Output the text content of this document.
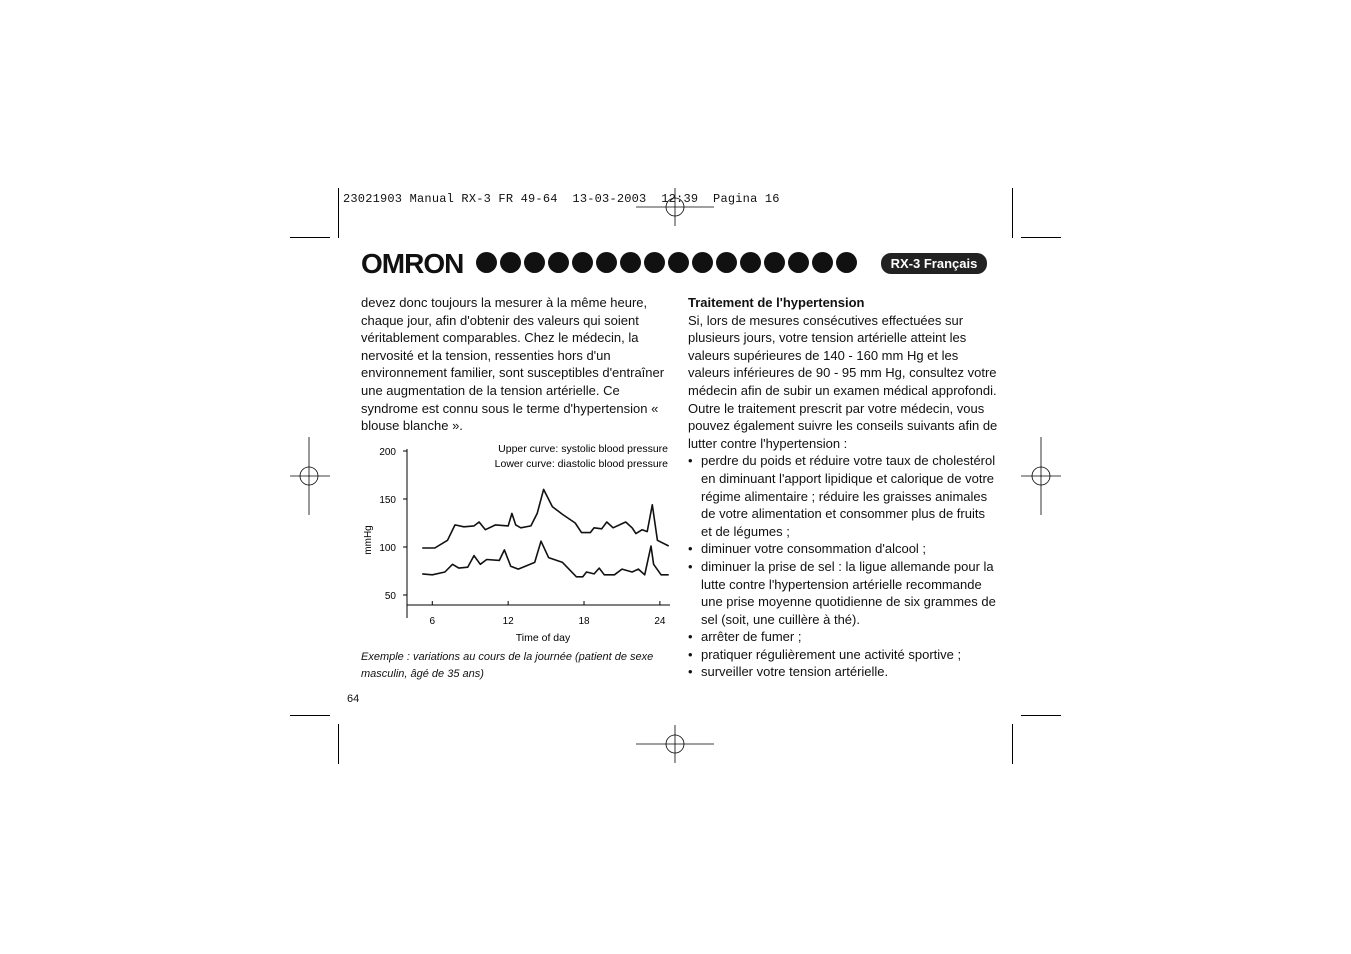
23021903 Manual RX-3 FR 49-64  13-03-2003  12:39  Pagina 16
OMRON	RX-3 Français
devez donc toujours la mesurer à la même heure, chaque jour, afin d'obtenir des valeurs qui soient véritablement comparables. Chez le médecin, la nervosité et la tension, ressenties hors d'un environnement familier, sont susceptibles d'entraîner une augmentation de la tension artérielle. Ce syndrome est connu sous le terme d'hypertension « blouse blanche ».
Upper curve: systolic blood pressure
Lower curve: diastolic blood pressure
mmHg
Time of day
200
150
100
50
6	12	18	24
Exemple : variations au cours de la journée (patient de sexe masculin, âgé de 35 ans)
64
Traitement de l'hypertension
Si, lors de mesures consécutives effectuées sur plusieurs jours, votre tension artérielle atteint les valeurs supérieures de 140 - 160 mm Hg et les valeurs inférieures de 90 - 95 mm Hg, consultez votre médecin afin de subir un examen médical approfondi. Outre le traitement prescrit par votre médecin, vous pouvez également suivre les conseils suivants afin de lutter contre l'hypertension :
• perdre du poids et réduire votre taux de cholestérol en diminuant l'apport lipidique et calorique de votre régime alimentaire ; réduire les graisses animales de votre alimentation et consommer plus de fruits et de légumes ;
• diminuer votre consommation d'alcool ;
• diminuer la prise de sel : la ligue allemande pour la lutte contre l'hypertension artérielle recommande une prise moyenne quotidienne de six grammes de sel (soit, une cuillère à thé).
• arrêter de fumer ;
• pratiquer régulièrement une activité sportive ;
• surveiller votre tension artérielle.
